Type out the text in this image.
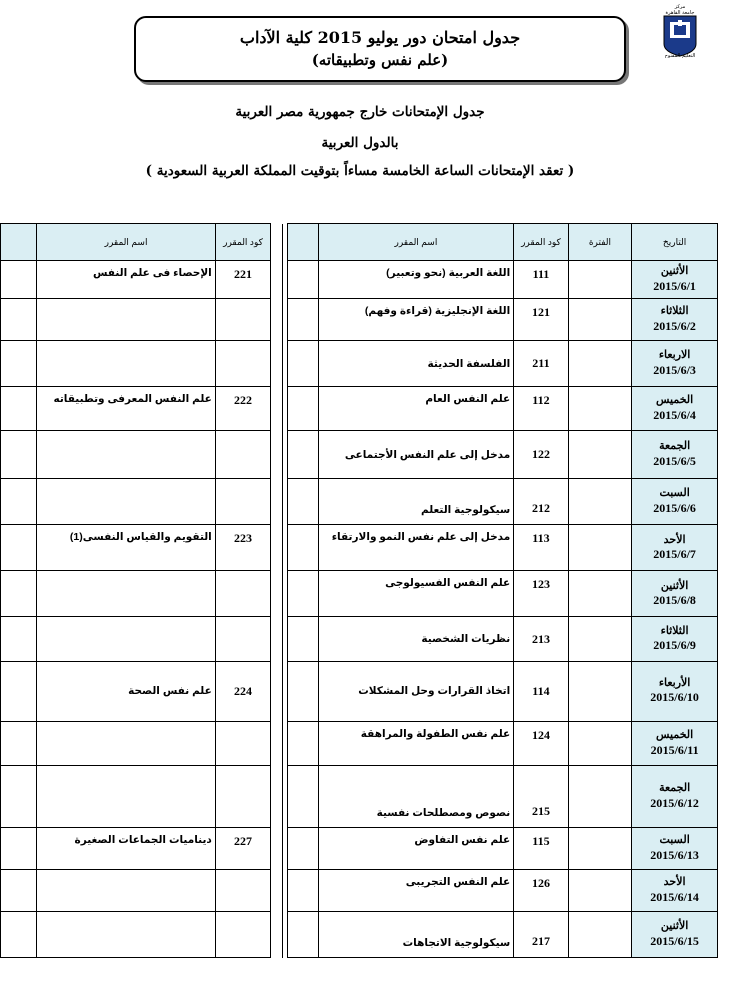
مركز
جامعة القاهرة
التعليم المفتوح
جدول امتحان دور يوليو 2015 كلية الآداب
(علم نفس وتطبيقاته)
جدول الإمتحانات خارج جمهورية مصر العربية
بالدول العربية
( تعقد الإمتحانات الساعة الخامسة مساءاً بتوقيت المملكة العربية السعودية )
	اسم المقرر	كود المقرر				اسم المقرر	كود المقرر	الفترة	التاريخ
	الإحصاء فى علم النفس	221				اللغة العربية (نحو وتعبير)	111		الأثنين
2015/6/1

						اللغة الإنجليزية (قراءة وفهم)	121		الثلاثاء
2015/6/2

						الفلسفة الحديثة	211		الاربعاء
2015/6/3

	علم النفس المعرفى وتطبيقاته	222				علم النفس العام	112		الخميس
2015/6/4

						مدخل إلى علم النفس الأجتماعى	122		الجمعة
2015/6/5

						سيكولوجية التعلم	212		السبت
2015/6/6

	التقويم والقياس النفسى(1)	223				مدخل إلى علم نفس النمو والارتقاء	113		الأحد
2015/6/7

						علم النفس الفسيولوجى	123		الأثنين
2015/6/8

						نظريات الشخصية	213		الثلاثاء
2015/6/9

	علم نفس الصحة	224				اتخاذ القرارات وحل المشكلات	114		الأربعاء
2015/6/10

						علم نفس الطفولة والمراهقة	124		الخميس
2015/6/11

						نصوص ومصطلحات نفسية	215		الجمعة
2015/6/12

	ديناميات الجماعات الصغيرة	227				علم نفس التفاوض	115		السبت
2015/6/13

						علم النفس التجريبى	126		الأحد
2015/6/14

						سيكولوجية الاتجاهات	217		الأثنين
2015/6/15
